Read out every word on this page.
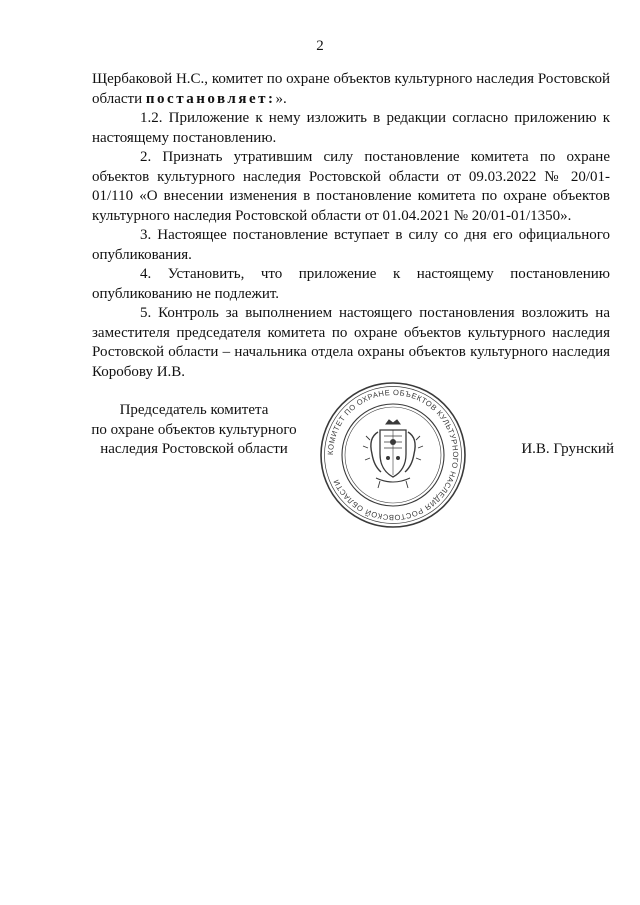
2

Щербаковой Н.С., комитет по охране объектов культурного наследия Ростовской области постановляет:».

1.2. Приложение к нему изложить в редакции согласно приложению к настоящему постановлению.

2. Признать утратившим силу постановление комитета по охране объектов культурного наследия Ростовской области от 09.03.2022 № 20/01-01/110 «О внесении изменения в постановление комитета по охране объектов культурного наследия Ростовской области от 01.04.2021 № 20/01-01/1350».

3. Настоящее постановление вступает в силу со дня его официального опубликования.

4. Установить, что приложение к настоящему постановлению опубликованию не подлежит.

5. Контроль за выполнением настоящего постановления возложить на заместителя председателя комитета по охране объектов культурного наследия Ростовской области – начальника отдела охраны объектов культурного наследия Коробову И.В.

Председатель комитета
по охране объектов культурного
наследия Ростовской области	КОМИТЕТ ПО ОХРАНЕ ОБЪЕКТОВ КУЛЬТУРНОГО НАСЛЕДИЯ РОСТОВСКОЙ ОБЛАСТИ
И.В. Грунский
